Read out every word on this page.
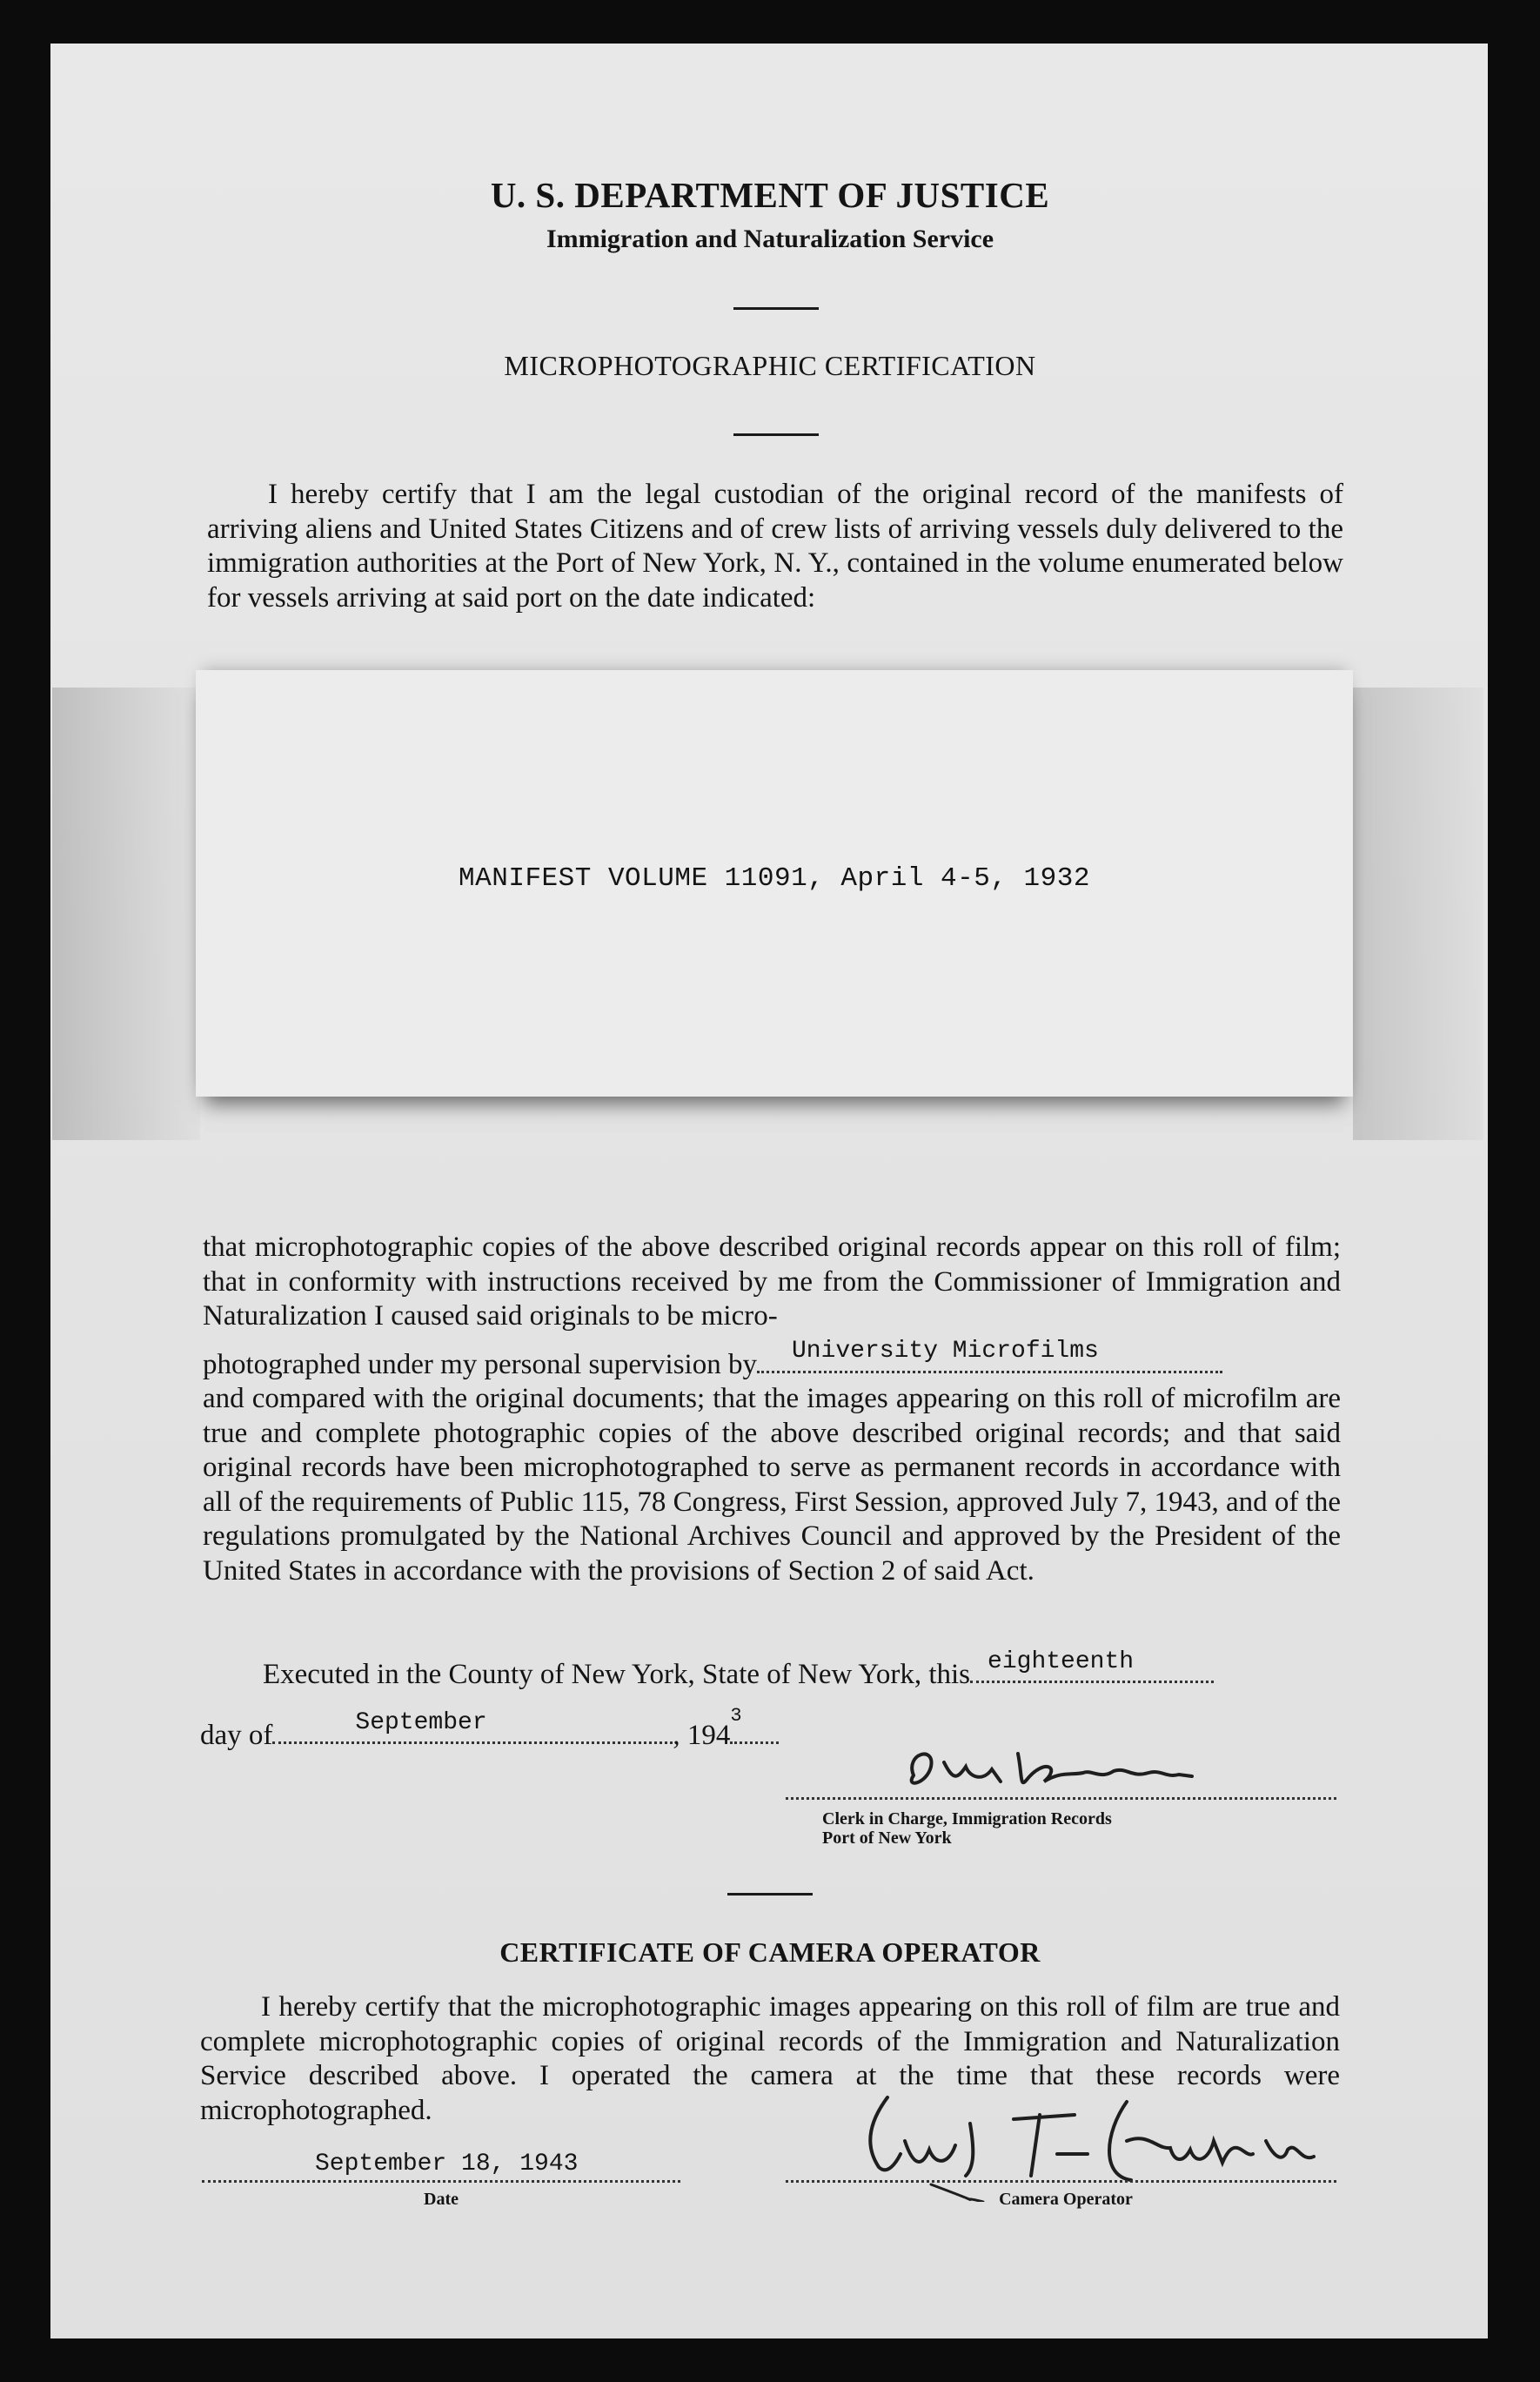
U. S. DEPARTMENT OF JUSTICE
Immigration and Naturalization Service
MICROPHOTOGRAPHIC CERTIFICATION
I hereby certify that I am the legal custodian of the original record of the manifests of arriving aliens and United States Citizens and of crew lists of arriving vessels duly delivered to the immigration authorities at the Port of New York, N. Y., contained in the volume enumerated below for vessels arriving at said port on the date indicated:
MANIFEST VOLUME 11091, April 4-5, 1932

that microphotographic copies of the above described original records appear on this roll of film; that in conformity with instructions received by me from the Commissioner of Immigration and Naturalization I caused said originals to be micro-

photographed under my personal supervision by University Microfilms

and compared with the original documents; that the images appearing on this roll of microfilm are true and complete photographic copies of the above described original records; and that said original records have been microphotographed to serve as permanent records in accordance with all of the requirements of Public 115, 78 Congress, First Session, approved July 7, 1943, and of the regulations promulgated by the National Archives Council and approved by the President of the United States in accordance with the provisions of Section 2 of said Act.

Executed in the County of New York, State of New York, this eighteenth
day of	September	, 194
3
Clerk in Charge, Immigration Records
Port of New York
CERTIFICATE OF CAMERA OPERATOR
I hereby certify that the microphotographic images appearing on this roll of film are true and complete microphotographic copies of original records of the Immigration and Naturalization Service described above. I operated the camera at the time that these records were microphotographed.
September 18, 1943
Date	Camera Operator
